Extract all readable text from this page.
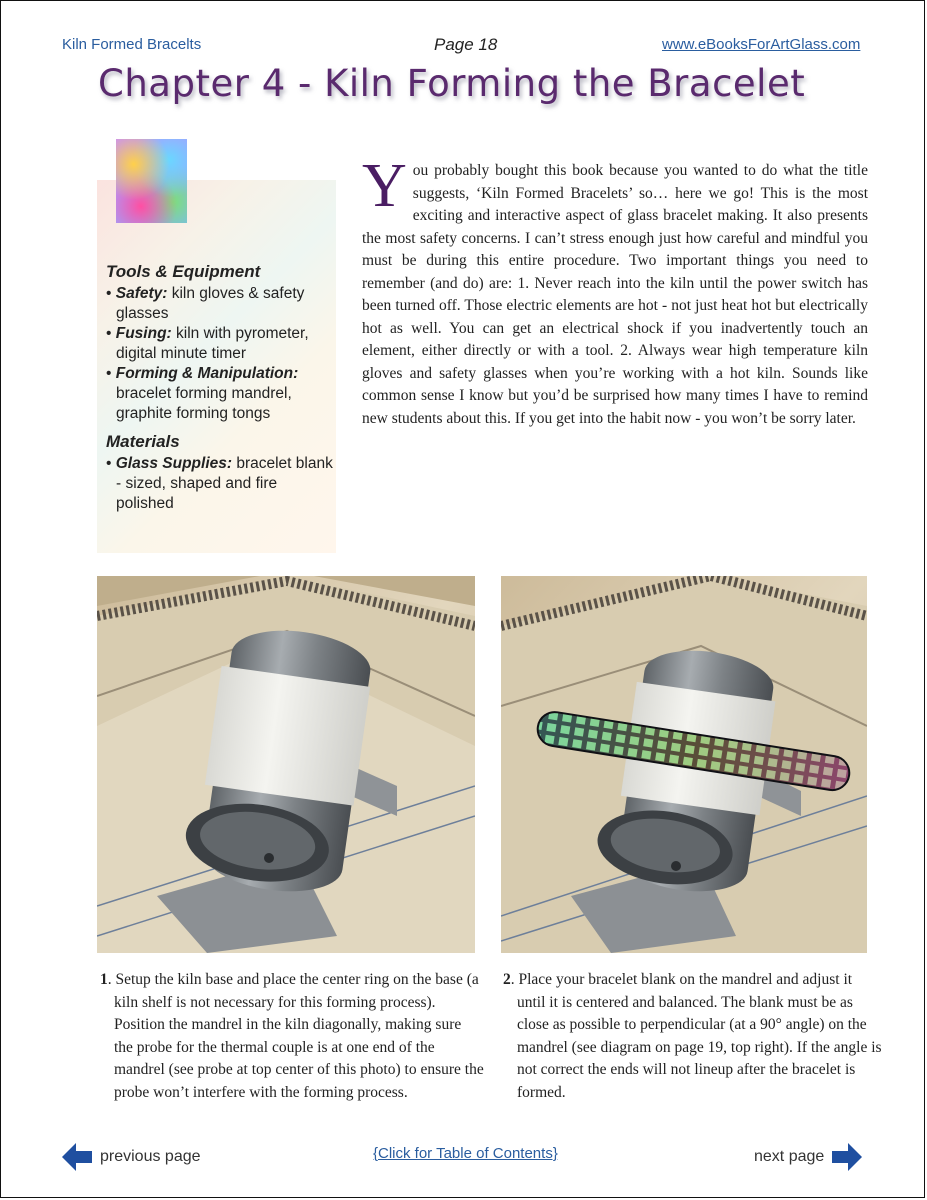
Kiln Formed Bracelts	Page 18	www.eBooksForArtGlass.com
Chapter 4 - Kiln Forming the Bracelet
Tools & Equipment
• Safety: kiln gloves & safety glasses
• Fusing: kiln with pyrometer, digital minute timer
• Forming & Manipulation: bracelet forming mandrel, graphite forming tongs
Materials
• Glass Supplies: bracelet blank - sized, shaped and fire polished
You probably bought this book because you wanted to do what the title suggests, ‘Kiln Formed Bracelets’ so… here we go! This is the most exciting and interactive aspect of glass bracelet making. It also presents the most safety concerns. I can’t stress enough just how careful and mindful you must be during this entire procedure. Two important things you need to remember (and do) are: 1. Never reach into the kiln until the power switch has been turned off. Those electric elements are hot - not just heat hot but electrically hot as well. You can get an electrical shock if you inadvertently touch an element, either directly or with a tool. 2. Always wear high temperature kiln gloves and safety glasses when you’re working with a hot kiln. Sounds like common sense I know but you’d be surprised how many times I have to remind new students about this. If you get into the habit now - you won’t be sorry later.
1. Setup the kiln base and place the center ring on the base (a kiln shelf is not necessary for this forming process). Position the mandrel in the kiln diagonally, making sure the probe for the thermal couple is at one end of the mandrel (see probe at top center of this photo) to ensure the probe won’t interfere with the forming process.
2. Place your bracelet blank on the mandrel and adjust it until it is centered and balanced. The blank must be as close as possible to perpendicular (at a 90° angle) on the mandrel (see diagram on page 19, top right). If the angle is not correct the ends will not lineup after the bracelet is formed.
previous page	{Click for Table of Contents}	next page
